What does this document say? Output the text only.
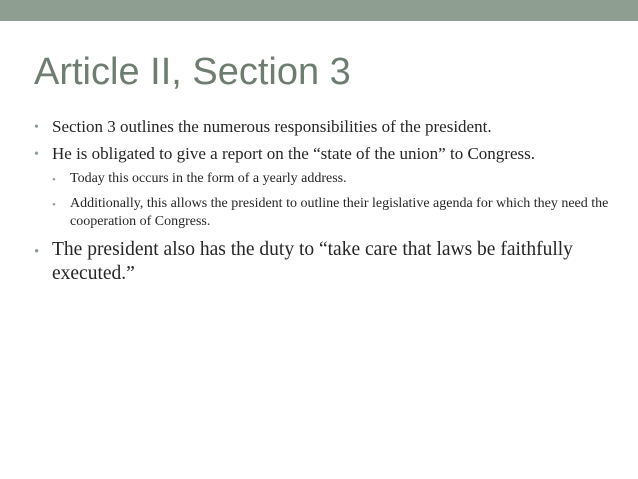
Article II, Section 3
• Section 3 outlines the numerous responsibilities of the president.
• He is obligated to give a report on the “state of the union” to Congress.
• Today this occurs in the form of a yearly address.
• Additionally, this allows the president to outline their legislative agenda for which they need the cooperation of Congress.
• The president also has the duty to “take care that laws be faithfully executed.”
